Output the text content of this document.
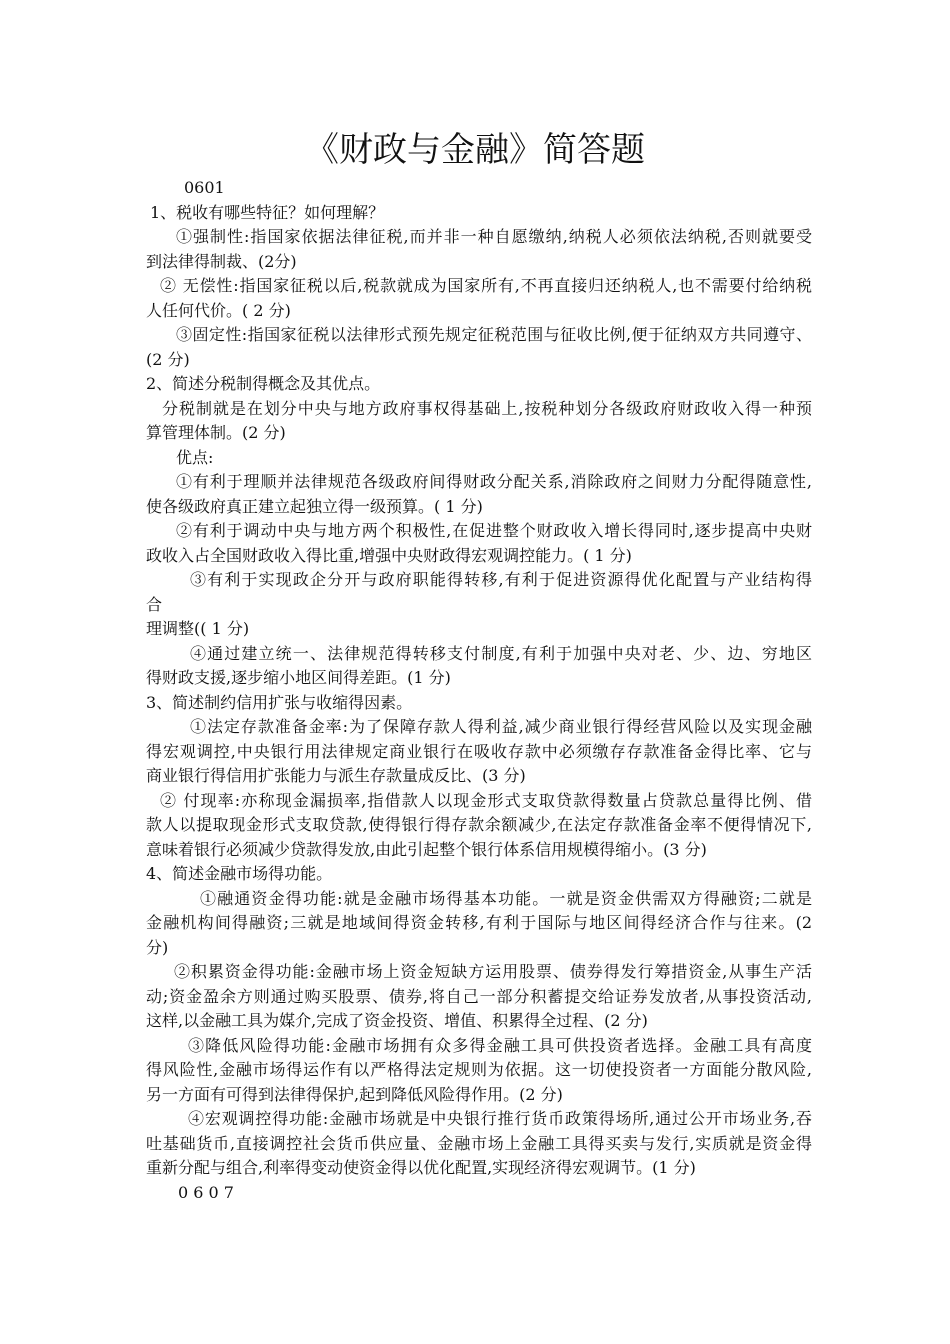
《财政与金融》简答题
0601
1、税收有哪些特征？如何理解？
①强制性:指国家依据法律征税,而并非一种自愿缴纳,纳税人必须依法纳税,否则就要受
到法律得制裁、(2分)
② 无偿性:指国家征税以后,税款就成为国家所有,不再直接归还纳税人,也不需要付给纳税
人任何代价。( 2 分)
③固定性:指国家征税以法律形式预先规定征税范围与征收比例,便于征纳双方共同遵守、
(2 分)
2、简述分税制得概念及其优点。
分税制就是在划分中央与地方政府事权得基础上,按税种划分各级政府财政收入得一种预
算管理体制。(2 分)
优点:
①有利于理顺并法律规范各级政府间得财政分配关系,消除政府之间财力分配得随意性,
使各级政府真正建立起独立得一级预算。( 1 分)
②有利于调动中央与地方两个积极性,在促进整个财政收入增长得同时,逐步提高中央财
政收入占全国财政收入得比重,增强中央财政得宏观调控能力。( 1 分)
③有利于实现政企分开与政府职能得转移,有利于促进资源得优化配置与产业结构得
合
理调整(( 1 分)
④通过建立统一、法律规范得转移支付制度,有利于加强中央对老、少、边、穷地区
得财政支援,逐步缩小地区间得差距。(1 分)
3、简述制约信用扩张与收缩得因素。
①法定存款准备金率:为了保障存款人得利益,减少商业银行得经营风险以及实现金融
得宏观调控,中央银行用法律规定商业银行在吸收存款中必须缴存存款准备金得比率、它与
商业银行得信用扩张能力与派生存款量成反比、(3 分)
② 付现率:亦称现金漏损率,指借款人以现金形式支取贷款得数量占贷款总量得比例、借
款人以提取现金形式支取贷款,使得银行得存款余额减少,在法定存款准备金率不便得情况下,
意味着银行必须减少贷款得发放,由此引起整个银行体系信用规模得缩小。(3 分)
4、简述金融市场得功能。
①融通资金得功能:就是金融市场得基本功能。一就是资金供需双方得融资;二就是
金融机构间得融资;三就是地域间得资金转移,有利于国际与地区间得经济合作与往来。(2
分)
②积累资金得功能:金融市场上资金短缺方运用股票、债券得发行筹措资金,从事生产活
动;资金盈余方则通过购买股票、债券,将自己一部分积蓄提交给证券发放者,从事投资活动,
这样,以金融工具为媒介,完成了资金投资、增值、积累得全过程、(2 分)
③降低风险得功能:金融市场拥有众多得金融工具可供投资者选择。金融工具有高度
得风险性,金融市场得运作有以严格得法定规则为依据。这一切使投资者一方面能分散风险,
另一方面有可得到法律得保护,起到降低风险得作用。(2 分)
④宏观调控得功能:金融市场就是中央银行推行货币政策得场所,通过公开市场业务,吞
吐基础货币,直接调控社会货币供应量、金融市场上金融工具得买卖与发行,实质就是资金得
重新分配与组合,利率得变动使资金得以优化配置,实现经济得宏观调节。(1 分)
0 6 0 7
